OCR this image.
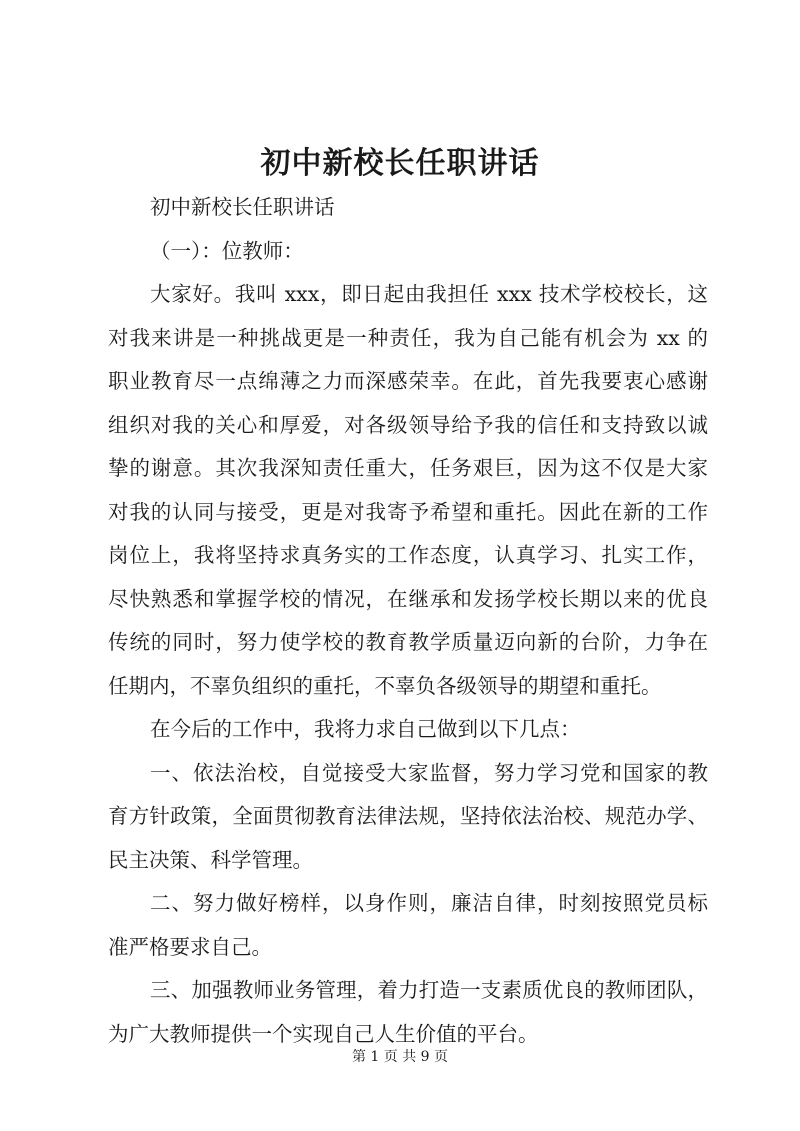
初中新校长任职讲话
初中新校长任职讲话
（一）：位教师：
大家好。我叫 xxx，即日起由我担任 xxx 技术学校校长，这
对我来讲是一种挑战更是一种责任，我为自己能有机会为 xx 的
职业教育尽一点绵薄之力而深感荣幸。在此，首先我要衷心感谢
组织对我的关心和厚爱，对各级领导给予我的信任和支持致以诚
挚的谢意。其次我深知责任重大，任务艰巨，因为这不仅是大家
对我的认同与接受，更是对我寄予希望和重托。因此在新的工作
岗位上，我将坚持求真务实的工作态度，认真学习、扎实工作，
尽快熟悉和掌握学校的情况，在继承和发扬学校长期以来的优良
传统的同时，努力使学校的教育教学质量迈向新的台阶，力争在
任期内，不辜负组织的重托，不辜负各级领导的期望和重托。
在今后的工作中，我将力求自己做到以下几点：
一、依法治校，自觉接受大家监督，努力学习党和国家的教
育方针政策，全面贯彻教育法律法规，坚持依法治校、规范办学、
民主决策、科学管理。
二、努力做好榜样，以身作则，廉洁自律，时刻按照党员标
准严格要求自己。
三、加强教师业务管理，着力打造一支素质优良的教师团队，
为广大教师提供一个实现自己人生价值的平台。
第 1 页 共 9 页
